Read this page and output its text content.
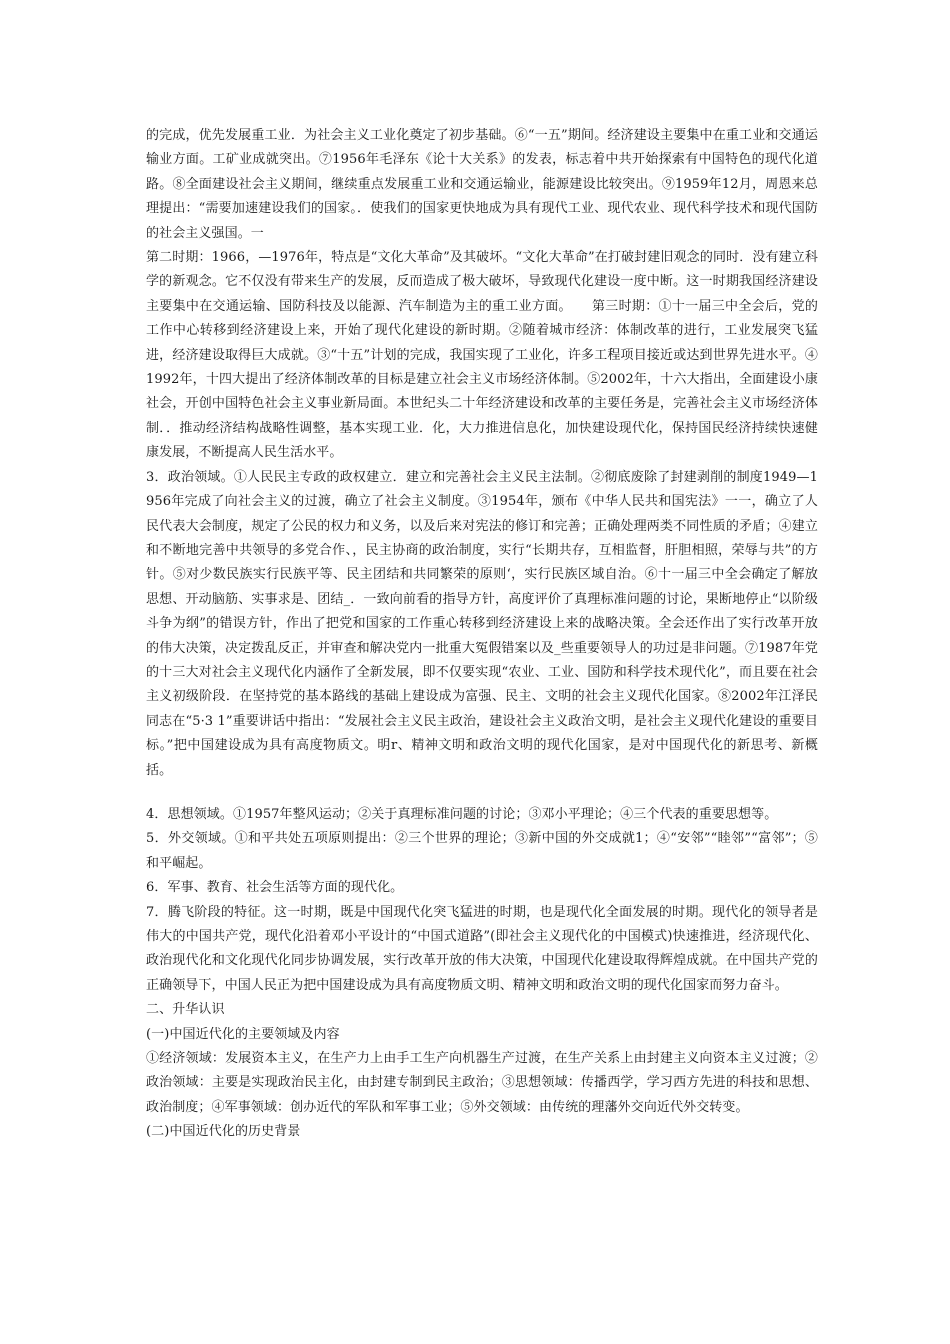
的完成，优先发展重工业．为社会主义工业化奠定了初步基础。⑥“一五”期间。经济建设主要集中在重工业和交通运输业方面。工矿业成就突出。⑦1956年毛泽东《论十大关系》的发表，标志着中共开始探索有中国特色的现代化道路。⑧全面建设社会主义期间，继续重点发展重工业和交通运输业，能源建设比较突出。⑨1959年12月，周恩来总理提出：“需要加速建设我们的国家。．使我们的国家更快地成为具有现代工业、现代农业、现代科学技术和现代国防的社会主义强国。一

第二时期：1966，—1976年，特点是“文化大革命”及其破坏。“文化大革命”在打破封建旧观念的同时．没有建立科学的新观念。它不仅没有带来生产的发展，反而造成了极大破坏，导致现代化建设一度中断。这一时期我国经济建设主要集中在交通运输、国防科技及以能源、汽车制造为主的重工业方面。　　第三时期：①十一届三中全会后，党的工作中心转移到经济建设上来，开始了现代化建设的新时期。②随着城市经济：体制改革的进行，工业发展突飞猛进，经济建设取得巨大成就。③“十五”计划的完成，我国实现了工业化，许多工程项目接近或达到世界先进水平。④1992年，十四大提出了经济体制改革的目标是建立社会主义市场经济体制。⑤2002年，十六大指出，全面建设小康社会，开创中国特色社会主义事业新局面。本世纪头二十年经济建设和改革的主要任务是，完善社会主义市场经济体制．．推动经济结构战略性调整，基本实现工业．化，大力推进信息化，加快建设现代化，保持国民经济持续快速健康发展，不断提高人民生活水平。

3．政治领域。①人民民主专政的政权建立．建立和完善社会主义民主法制。②彻底废除了封建剥削的制度1949—1956年完成了向社会主义的过渡，确立了社会主义制度。③1954年，颁布《中华人民共和国宪法》一一，确立了人民代表大会制度，规定了公民的权力和义务，以及后来对宪法的修订和完善；正确处理两类不同性质的矛盾；④建立和不断地完善中共领导的多党合作、，民主协商的政治制度，实行“长期共存，互相监督，肝胆相照，荣辱与共”的方针。⑤对少数民族实行民族平等、民主团结和共同繁荣的原则‘，实行民族区域自治。⑥十一届三中全会确定了解放思想、开动脑筋、实事求是、团结_．一致向前看的指导方针，高度评价了真理标准问题的讨论，果断地停止“以阶级斗争为纲”的错误方针，作出了把党和国家的工作重心转移到经济建设上来的战略决策。全会还作出了实行改革开放的伟大决策，决定拨乱反正，并审查和解决党内一批重大冤假错案以及_些重要领导人的功过是非问题。⑦1987年党的十三大对社会主义现代化内涵作了全新发展，即不仅要实现“农业、工业、国防和科学技术现代化”，而且要在社会主义初级阶段．在坚持党的基本路线的基础上建设成为富强、民主、文明的社会主义现代化国家。⑧2002年江泽民同志在“5·3 1”重要讲话中指出：“发展社会主义民主政治，建设社会主义政治文明，是社会主义现代化建设的重要目标。”把中国建设成为具有高度物质文。明r、精神文明和政治文明的现代化国家，是对中国现代化的新思考、新概括。

4．思想领域。①1957年整风运动；②关于真理标准问题的讨论；③邓小平理论；④三个代表的重要思想等。

5．外交领域。①和平共处五项原则提出：②三个世界的理论；③新中国的外交成就1；④“安邻”“睦邻”“富邻”；⑤和平崛起。

6．军事、教育、社会生活等方面的现代化。

7．腾飞阶段的特征。这一时期，既是中国现代化突飞猛进的时期，也是现代化全面发展的时期。现代化的领导者是伟大的中国共产党，现代化沿着邓小平设计的“中国式道路”(即社会主义现代化的中国模式)快速推进，经济现代化、政治现代化和文化现代化同步协调发展，实行改革开放的伟大决策，中国现代化建设取得辉煌成就。在中国共产党的正确领导下，中国人民正为把中国建设成为具有高度物质文明、精神文明和政治文明的现代化国家而努力奋斗。

二、升华认识

(一)中国近代化的主要领域及内容

①经济领域：发展资本主义，在生产力上由手工生产向机器生产过渡，在生产关系上由封建主义向资本主义过渡；②政治领域：主要是实现政治民主化，由封建专制到民主政治；③思想领域：传播西学，学习西方先进的科技和思想、政治制度；④军事领域：创办近代的军队和军事工业；⑤外交领域：由传统的理藩外交向近代外交转变。

(二)中国近代化的历史背景
